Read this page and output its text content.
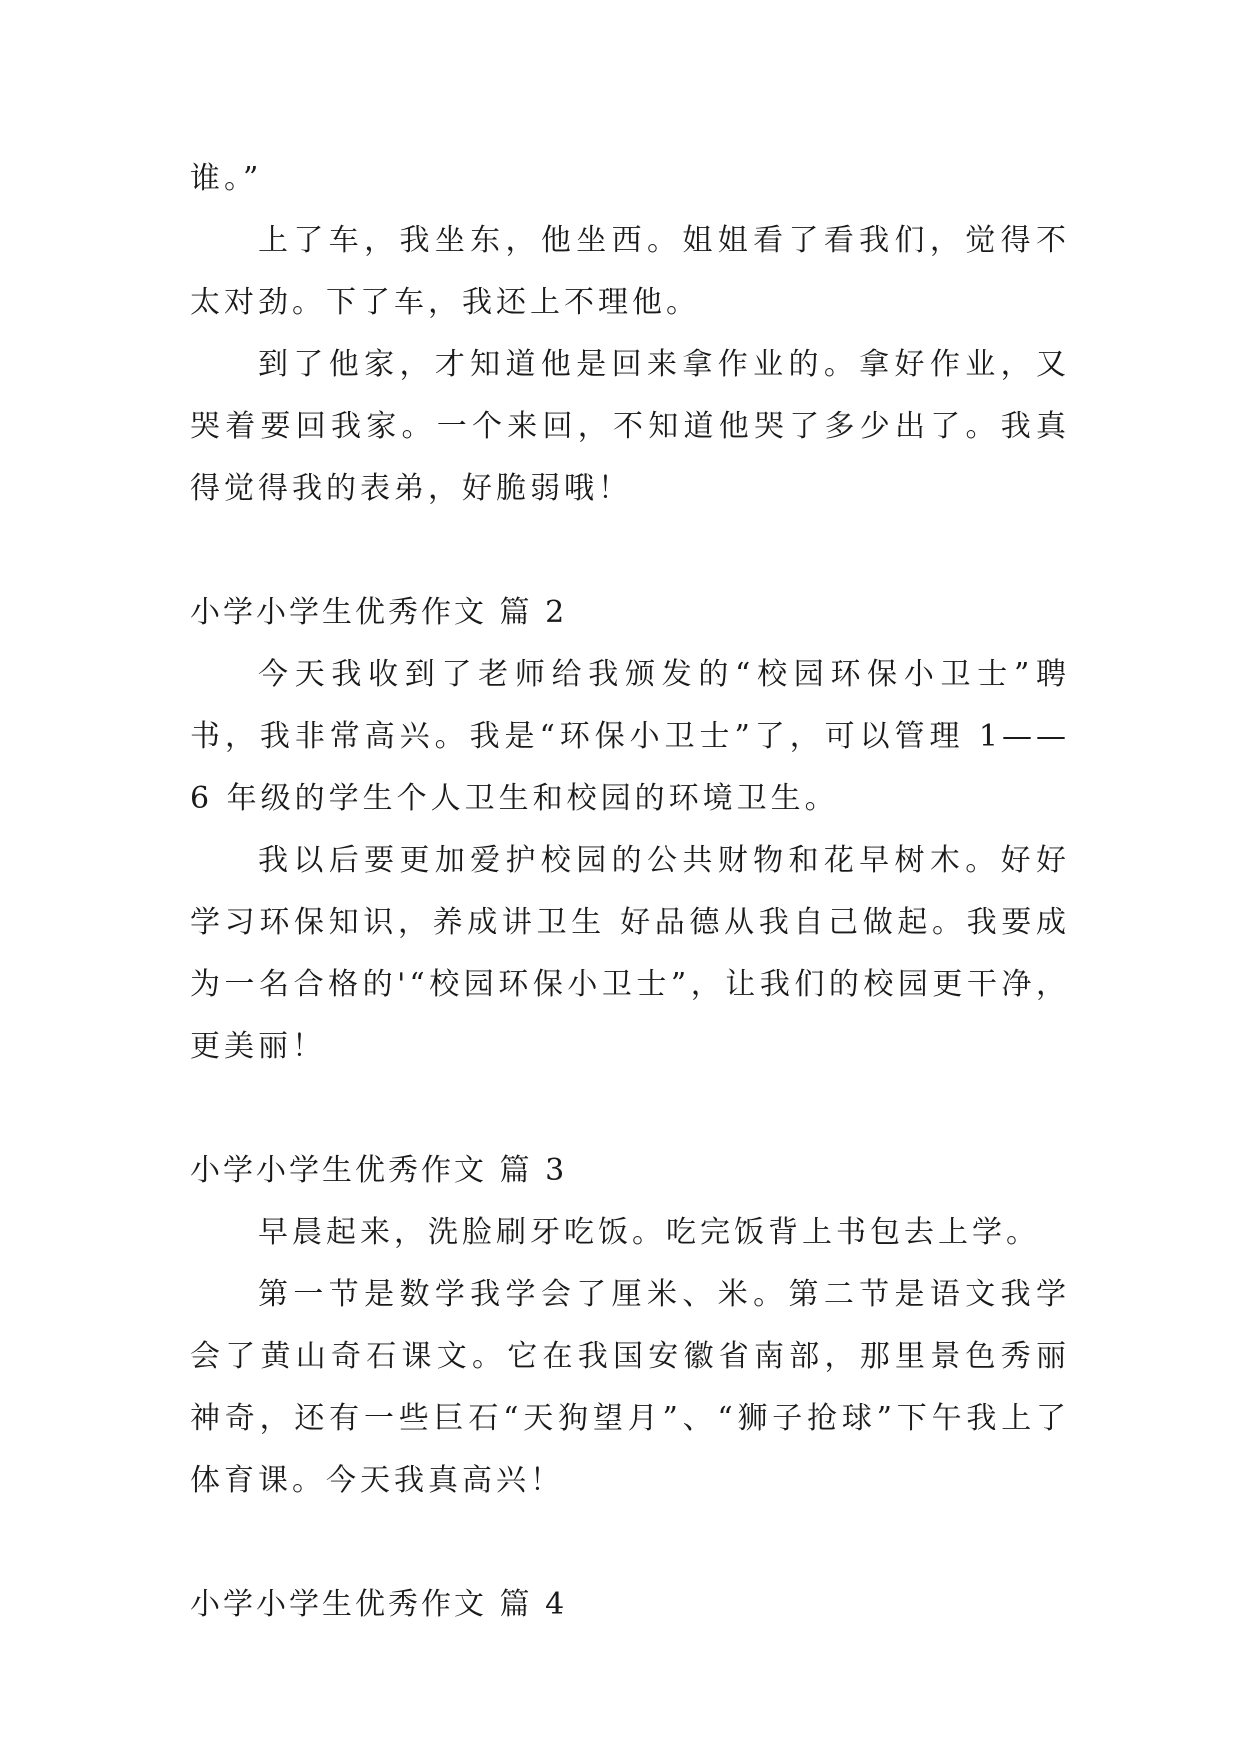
谁。”

上了车，我坐东，他坐西。姐姐看了看我们，觉得不太对劲。下了车，我还上不理他。

到了他家，才知道他是回来拿作业的。拿好作业，又哭着要回我家。一个来回，不知道他哭了多少出了。我真得觉得我的表弟，好脆弱哦！

小学小学生优秀作文 篇 2

今天我收到了老师给我颁发的“校园环保小卫士”聘书，我非常高兴。我是“环保小卫士”了，可以管理 1——6 年级的学生个人卫生和校园的环境卫生。

我以后要更加爱护校园的公共财物和花早树木。好好学习环保知识，养成讲卫生 好品德从我自己做起。我要成为一名合格的'“校园环保小卫士”，让我们的校园更干净，更美丽！

小学小学生优秀作文 篇 3

早晨起来，洗脸刷牙吃饭。吃完饭背上书包去上学。

第一节是数学我学会了厘米、米。第二节是语文我学会了黄山奇石课文。它在我国安徽省南部，那里景色秀丽神奇，还有一些巨石“天狗望月”、“狮子抢球”下午我上了体育课。今天我真高兴！

小学小学生优秀作文 篇 4
